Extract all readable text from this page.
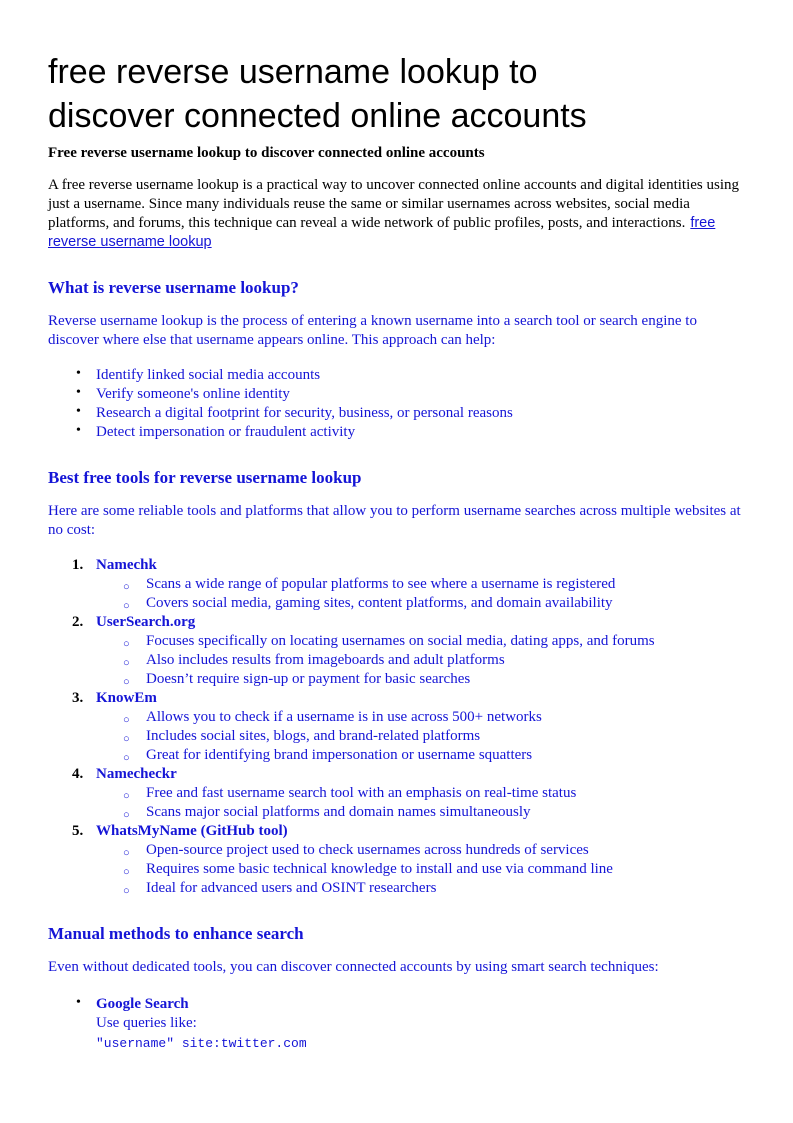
free reverse username lookup to discover connected online accounts

Free reverse username lookup to discover connected online accounts

A free reverse username lookup is a practical way to uncover connected online accounts and digital identities using just a username. Since many individuals reuse the same or similar usernames across websites, social media platforms, and forums, this technique can reveal a wide network of public profiles, posts, and interactions. free reverse username lookup

What is reverse username lookup?

Reverse username lookup is the process of entering a known username into a search tool or search engine to discover where else that username appears online. This approach can help:

• Identify linked social media accounts
• Verify someone's online identity
• Research a digital footprint for security, business, or personal reasons
• Detect impersonation or fraudulent activity
Best free tools for reverse username lookup

Here are some reliable tools and platforms that allow you to perform username searches across multiple websites at no cost:

Namechk
○ Scans a wide range of popular platforms to see where a username is registered
○ Covers social media, gaming sites, content platforms, and domain availability
UserSearch.org
○ Focuses specifically on locating usernames on social media, dating apps, and forums
○ Also includes results from imageboards and adult platforms
○ Doesn’t require sign-up or payment for basic searches
KnowEm
○ Allows you to check if a username is in use across 500+ networks
○ Includes social sites, blogs, and brand-related platforms
○ Great for identifying brand impersonation or username squatters
Namecheckr
○ Free and fast username search tool with an emphasis on real-time status
○ Scans major social platforms and domain names simultaneously
WhatsMyName (GitHub tool)
○ Open-source project used to check usernames across hundreds of services
○ Requires some basic technical knowledge to install and use via command line
○ Ideal for advanced users and OSINT researchers
Manual methods to enhance search

Even without dedicated tools, you can discover connected accounts by using smart search techniques:

• Google Search
Use queries like:
"username" site:twitter.com
